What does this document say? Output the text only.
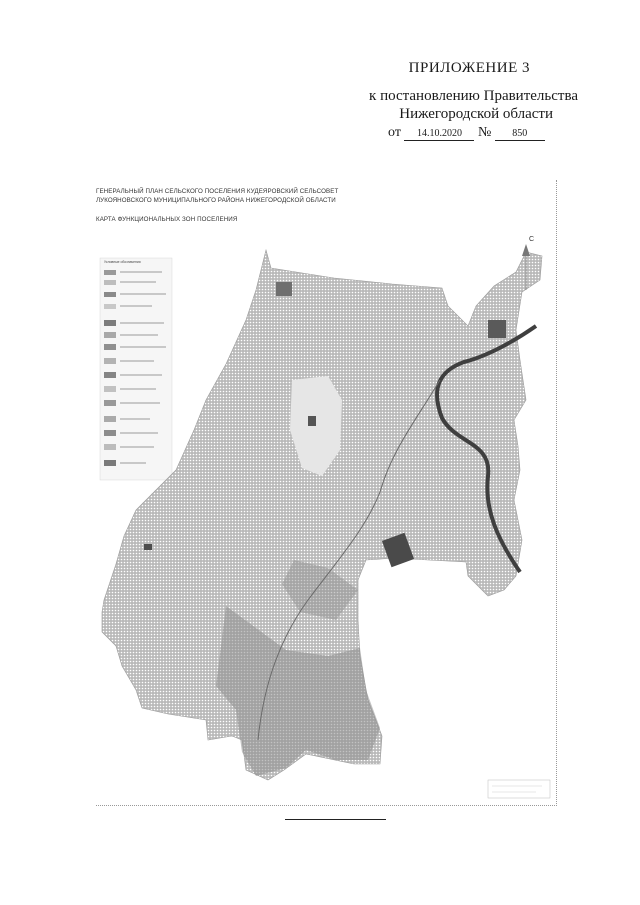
ПРИЛОЖЕНИЕ 3
к постановлению Правительства
Нижегородской области
от 14.10.2020 № 850
ГЕНЕРАЛЬНЫЙ ПЛАН СЕЛЬСКОГО ПОСЕЛЕНИЯ КУДЕЯРОВСКИЙ СЕЛЬСОВЕТ
ЛУКОЯНОВСКОГО МУНИЦИПАЛЬНОГО РАЙОНА НИЖЕГОРОДСКОЙ ОБЛАСТИ
КАРТА ФУНКЦИОНАЛЬНЫХ ЗОН ПОСЕЛЕНИЯ
Условные обозначения
С
